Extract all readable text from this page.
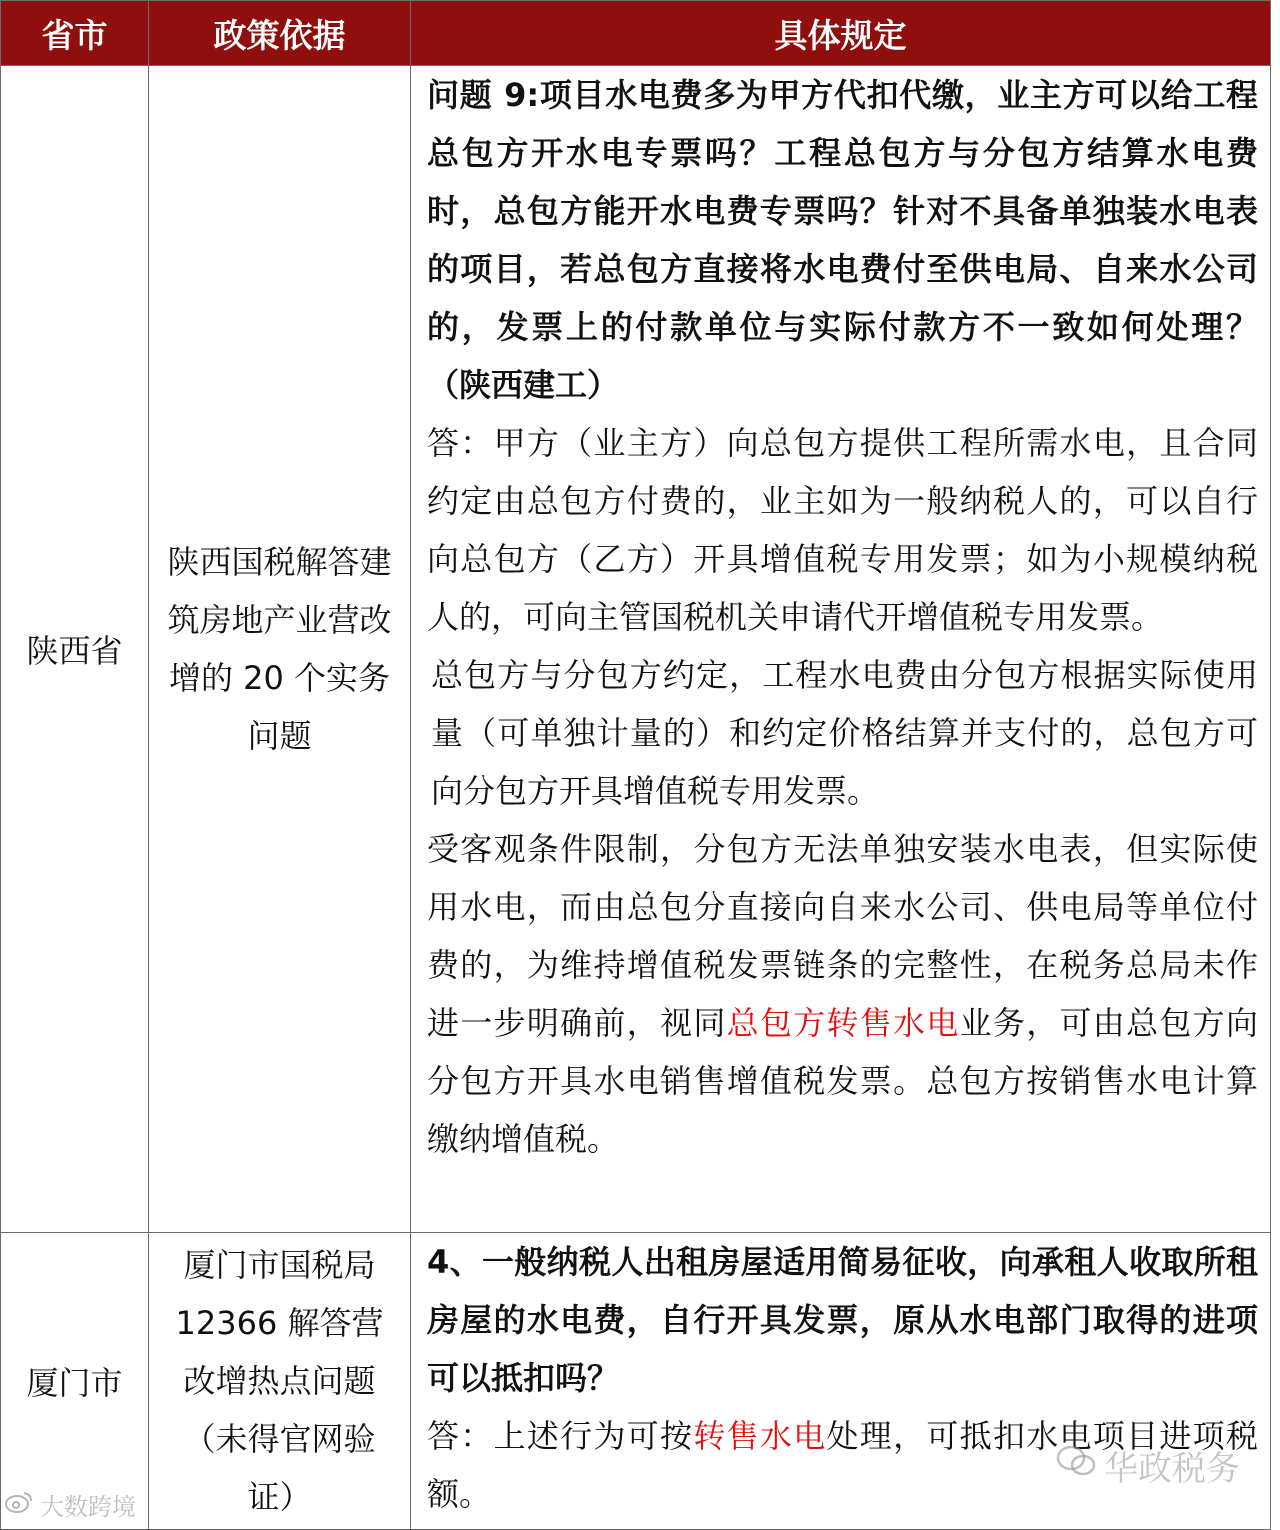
省市	政策依据	具体规定
陕西省	陕西国税解答建筑房地产业营改增的 20 个实务问题	问题 9:项目水电费多为甲方代扣代缴，业主方可以给工程总包方开水电专票吗？工程总包方与分包方结算水电费时，总包方能开水电费专票吗？针对不具备单独装水电表的项目，若总包方直接将水电费付至供电局、自来水公司的，发票上的付款单位与实际付款方不一致如何处理？（陕西建工）

答：甲方（业主方）向总包方提供工程所需水电，且合同约定由总包方付费的，业主如为一般纳税人的，可以自行向总包方（乙方）开具增值税专用发票；如为小规模纳税人的，可向主管国税机关申请代开增值税专用发票。

总包方与分包方约定，工程水电费由分包方根据实际使用量（可单独计量的）和约定价格结算并支付的，总包方可向分包方开具增值税专用发票。

受客观条件限制，分包方无法单独安装水电表，但实际使用水电，而由总包分直接向自来水公司、供电局等单位付费的，为维持增值税发票链条的完整性，在税务总局未作进一步明确前，视同总包方转售水电业务，可由总包方向分包方开具水电销售增值税发票。总包方按销售水电计算缴纳增值税。

厦门市	厦门市国税局 12366 解答营改增热点问题（未得官网验证）	4、一般纳税人出租房屋适用简易征收，向承租人收取所租房屋的水电费，自行开具发票，原从水电部门取得的进项可以抵扣吗？

答：上述行为可按转售水电处理，可抵扣水电项目进项税额。

华政税务
大数跨境
